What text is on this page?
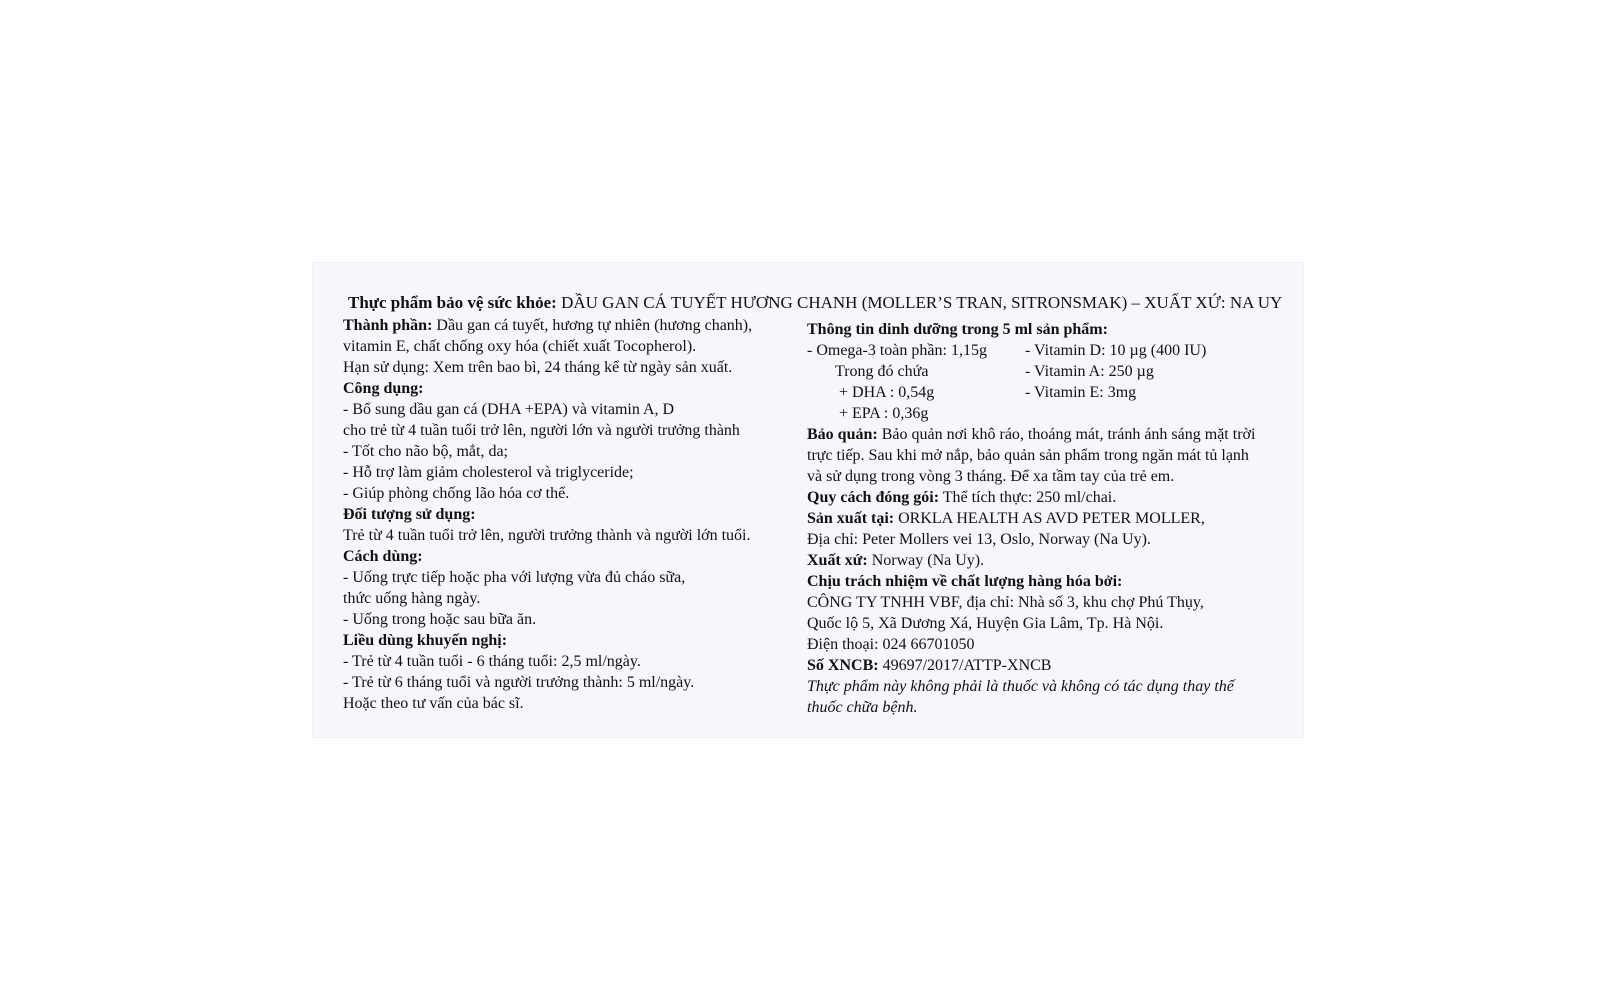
Thực phẩm bảo vệ sức khỏe: DẦU GAN CÁ TUYẾT HƯƠNG CHANH (MOLLER’S TRAN, SITRONSMAK) – XUẤT XỨ: NA UY
Thành phần: Dầu gan cá tuyết, hương tự nhiên (hương chanh),
vitamin E, chất chống oxy hóa (chiết xuất Tocopherol).
Hạn sử dụng: Xem trên bao bì, 24 tháng kể từ ngày sản xuất.
Công dụng:
- Bổ sung dầu gan cá (DHA +EPA) và vitamin A, D
cho trẻ từ 4 tuần tuổi trở lên, người lớn và người trưởng thành
- Tốt cho não bộ, mắt, da;
- Hỗ trợ làm giảm cholesterol và triglyceride;
- Giúp phòng chống lão hóa cơ thể.
Đối tượng sử dụng:
Trẻ từ 4 tuần tuổi trở lên, người trưởng thành và người lớn tuổi.
Cách dùng:
- Uống trực tiếp hoặc pha với lượng vừa đủ cháo sữa,
thức uống hàng ngày.
- Uống trong hoặc sau bữa ăn.
Liều dùng khuyến nghị:
- Trẻ từ 4 tuần tuổi - 6 tháng tuổi: 2,5 ml/ngày.
- Trẻ từ 6 tháng tuổi và người trưởng thành: 5 ml/ngày.
Hoặc theo tư vấn của bác sĩ.
Thông tin dinh dưỡng trong 5 ml sản phẩm:
- Omega-3 toàn phần: 1,15g
Trong đó chứa
+ DHA : 0,54g
+ EPA : 0,36g
- Vitamin D: 10 µg (400 IU)
- Vitamin A: 250 µg
- Vitamin E: 3mg
Bảo quản: Bảo quản nơi khô ráo, thoáng mát, tránh ánh sáng mặt trời
trực tiếp. Sau khi mở nắp, bảo quản sản phẩm trong ngăn mát tủ lạnh
và sử dụng trong vòng 3 tháng. Để xa tầm tay của trẻ em.
Quy cách đóng gói: Thể tích thực: 250 ml/chai.
Sản xuất tại: ORKLA HEALTH AS AVD PETER MOLLER,
Địa chỉ: Peter Mollers vei 13, Oslo, Norway (Na Uy).
Xuất xứ: Norway (Na Uy).
Chịu trách nhiệm về chất lượng hàng hóa bởi:
CÔNG TY TNHH VBF, địa chỉ: Nhà số 3, khu chợ Phú Thụy,
Quốc lộ 5, Xã Dương Xá, Huyện Gia Lâm, Tp. Hà Nội.
Điện thoại: 024 66701050
Số XNCB: 49697/2017/ATTP-XNCB
Thực phẩm này không phải là thuốc và không có tác dụng thay thế
thuốc chữa bệnh.
